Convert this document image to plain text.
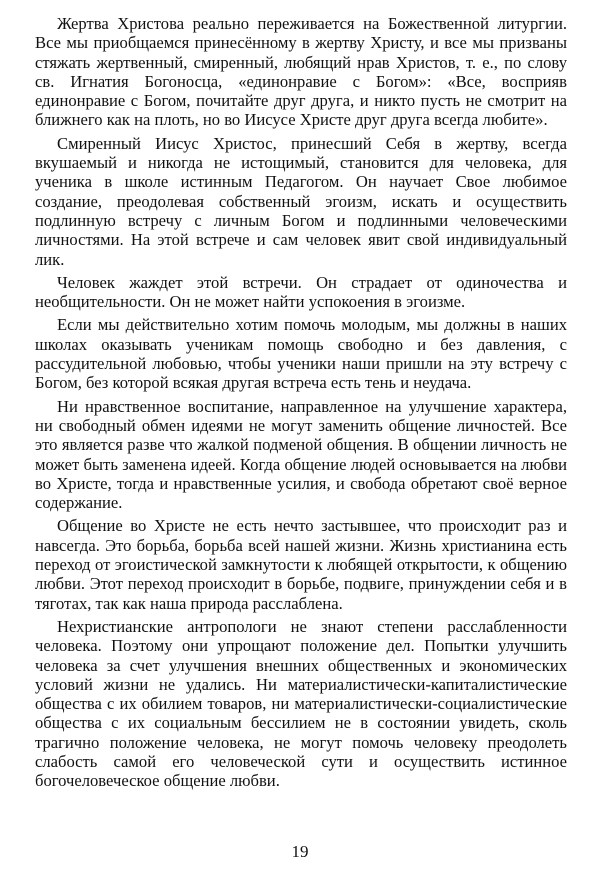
Жертва Христова реально переживается на Божественной литургии. Все мы приобщаемся принесённому в жертву Христу, и все мы призваны стяжать жертвенный, смиренный, любящий нрав Христов, т. е., по слову св. Игнатия Богоносца, «единонравие с Богом»: «Все, восприяв единонравие с Богом, почитайте друг друга, и никто пусть не смотрит на ближнего как на плоть, но во Иисусе Христе друг друга всегда любите».

Смиренный Иисус Христос, принесший Себя в жертву, всегда вкушаемый и никогда не истощимый, становится для человека, для ученика в школе истинным Педагогом. Он научает Свое любимое создание, преодолевая собственный эгоизм, искать и осуществить подлинную встречу с личным Богом и подлинными человеческими личностями. На этой встрече и сам человек явит свой индивидуальный лик.

Человек жаждет этой встречи. Он страдает от одиночества и необщительности. Он не может найти успокоения в эгоизме.

Если мы действительно хотим помочь молодым, мы должны в наших школах оказывать ученикам помощь свободно и без давления, с рассудительной любовью, чтобы ученики наши пришли на эту встречу с Богом, без которой всякая другая встреча есть тень и неудача.

Ни нравственное воспитание, направленное на улучшение характера, ни свободный обмен идеями не могут заменить общение личностей. Все это является разве что жалкой подменой общения. В общении личность не может быть заменена идеей. Когда общение людей основывается на любви во Христе, тогда и нравственные усилия, и свобода обретают своё верное содержание.

Общение во Христе не есть нечто застывшее, что происходит раз и навсегда. Это борьба, борьба всей нашей жизни. Жизнь христианина есть переход от эгоистической замкнутости к любящей открытости, к общению любви. Этот переход происходит в борьбе, подвиге, принуждении себя и в тяготах, так как наша природа расслаблена.

Нехристианские антропологи не знают степени расслабленности человека. Поэтому они упрощают положение дел. Попытки улучшить человека за счет улучшения внешних общественных и экономических условий жизни не удались. Ни материалистически-капиталистические общества с их обилием товаров, ни материалистически-социалистические общества с их социальным бессилием не в состоянии увидеть, сколь трагично положение человека, не могут помочь человеку преодолеть слабость самой его человеческой сути и осуществить истинное богочеловеческое общение любви.

19
